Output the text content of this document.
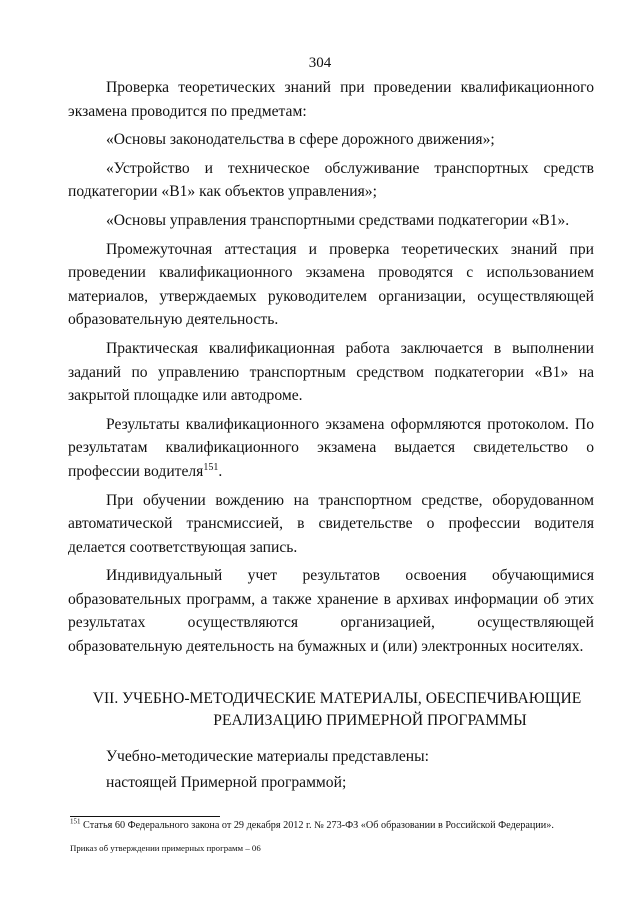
304

Проверка теоретических знаний при проведении квалификационного экзамена проводится по предметам:

«Основы законодательства в сфере дорожного движения»;

«Устройство и техническое обслуживание транспортных средств подкатегории «B1» как объектов управления»;

«Основы управления транспортными средствами подкатегории «B1».

Промежуточная аттестация и проверка теоретических знаний при проведении квалификационного экзамена проводятся с использованием материалов, утверждаемых руководителем организации, осуществляющей образовательную деятельность.

Практическая квалификационная работа заключается в выполнении заданий по управлению транспортным средством подкатегории «B1» на закрытой площадке или автодроме.

Результаты квалификационного экзамена оформляются протоколом. По результатам квалификационного экзамена выдается свидетельство о профессии водителя$^{151}$.

При обучении вождению на транспортном средстве, оборудованном автоматической трансмиссией, в свидетельстве о профессии водителя делается соответствующая запись.

Индивидуальный учет результатов освоения обучающимися образовательных программ, а также хранение в архивах информации об этих результатах осуществляются организацией, осуществляющей образовательную деятельность на бумажных и (или) электронных носителях.

VII. УЧЕБНО-МЕТОДИЧЕСКИЕ МАТЕРИАЛЫ, ОБЕСПЕЧИВАЮЩИЕ
РЕАЛИЗАЦИЮ ПРИМЕРНОЙ ПРОГРАММЫ

Учебно-методические материалы представлены:

настоящей Примерной программой;

$^{151}$ Статья 60 Федерального закона от 29 декабря 2012 г. № 273-ФЗ «Об образовании в Российской Федерации».
Приказ об утверждении примерных программ – 06
